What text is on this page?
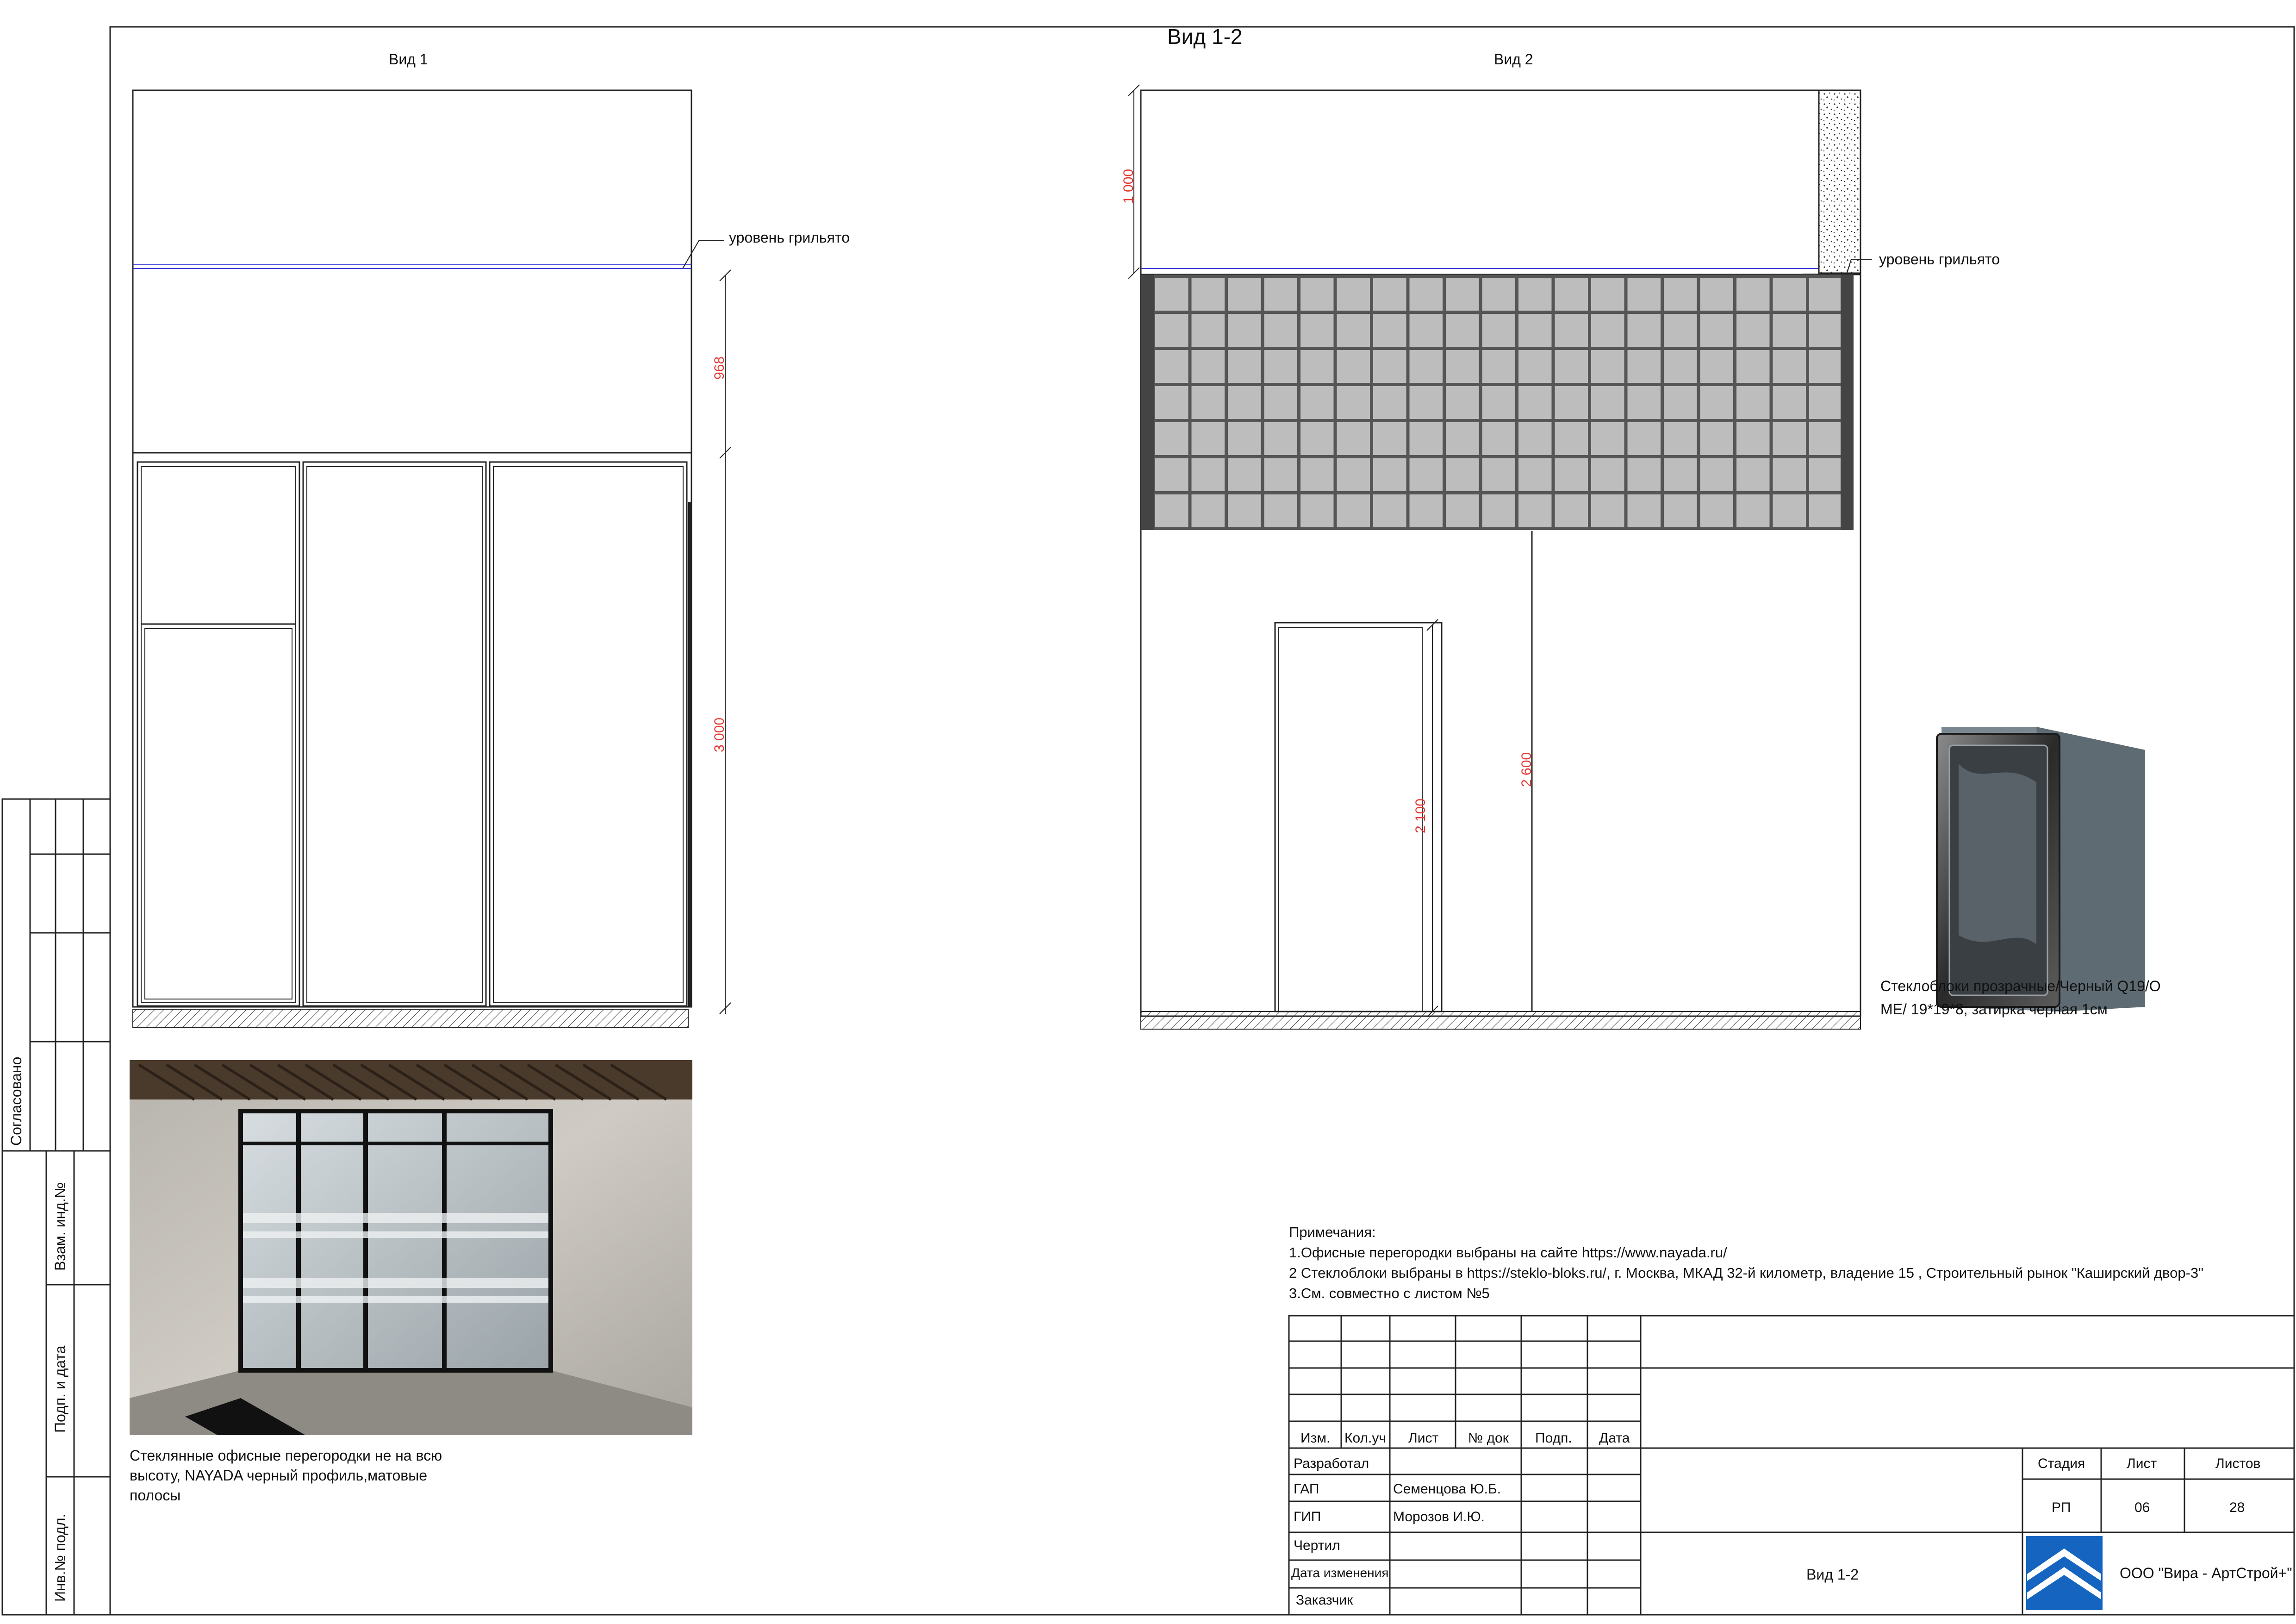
Вид 1-2
Вид 1	Вид 2
уровень грильято
968
3 000
Стеклянные офисные перегородки не на всю
высоту, NAYADA черный профиль,матовые
полосы
уровень грильято
1 000
2 100
2 600
Стеклоблоки прозрачные/Черный Q19/O
ME/ 19*19*8, затирка черная 1см
Примечания:
1.Офисные перегородки выбраны на сайте https://www.nayada.ru/
2 Стеклоблоки выбраны в https://steklo-bloks.ru/, г. Москва, МКАД 32-й километр, владение 15 , Строительный рынок "Каширский двор-3"
3.См. совместно с листом №5
Согласовано
Взам. инд.№
Подп. и дата
Инв.№ подл.
Изм. Кол.уч Лист № док Подп. Дата
Разработал
ГАП	Семенцова Ю.Б.
ГИП	Морозов И.Ю.
Чертил
Дата изменения
Заказчик
Стадия	Лист	Листов
РП	06	28
Вид 1-2	ООО "Вира - АртСтрой+"
